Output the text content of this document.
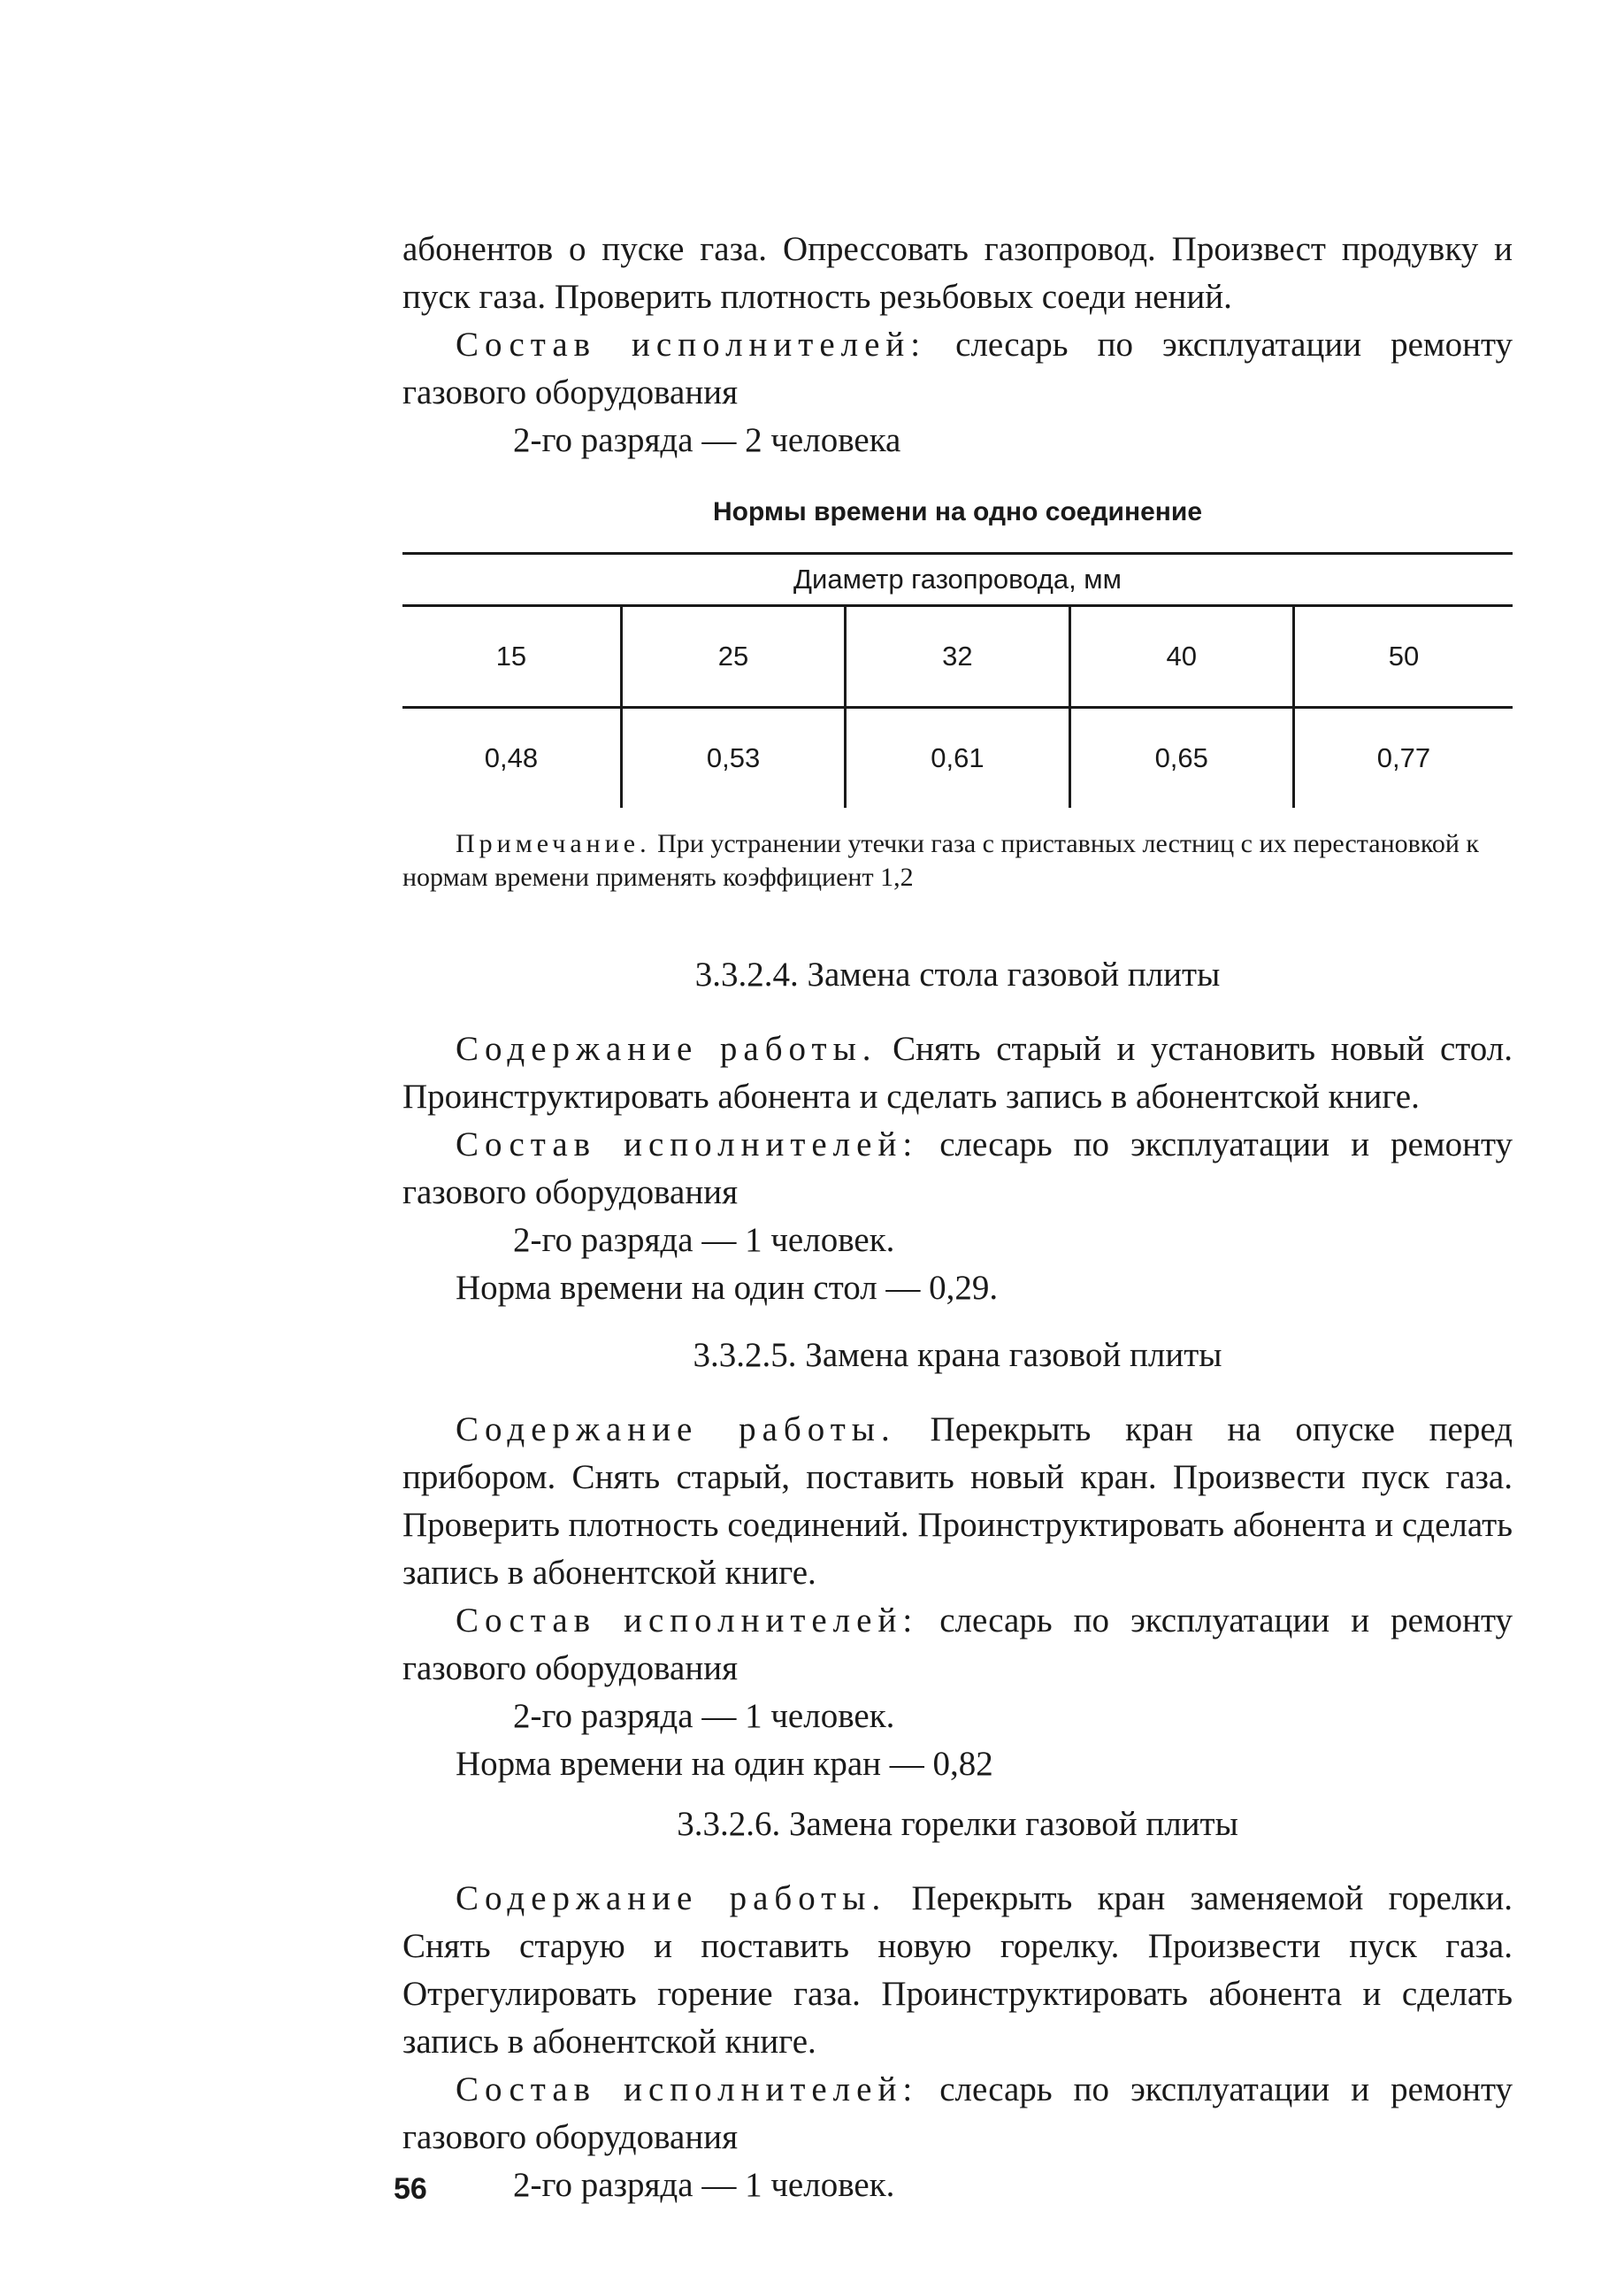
абонентов о пуске газа. Опрессовать газопровод. Произвест продувку и пуск газа. Проверить плотность резьбовых соеди нений.

Состав исполнителей: слесарь по эксплуатации ремонту газового оборудования

2-го разряда — 2 человека

Нормы времени на одно соединение
Диаметр газопровода, мм				
15	25	32	40	50
0,48	0,53	0,61	0,65	0,77

Примечание. При устранении утечки газа с приставных лестниц с их перестановкой к нормам времени применять коэффициент 1,2

3.3.2.4. Замена стола газовой плиты

Содержание работы. Снять старый и установить новый стол. Проинструктировать абонента и сделать запись в абонентской книге.

Состав исполнителей: слесарь по эксплуатации и ремонту газового оборудования

2-го разряда — 1 человек.

Норма времени на один стол — 0,29.

3.3.2.5. Замена крана газовой плиты

Содержание работы. Перекрыть кран на опуске перед прибором. Снять старый, поставить новый кран. Произвести пуск газа. Проверить плотность соединений. Проинструктировать абонента и сделать запись в абонентской книге.

Состав исполнителей: слесарь по эксплуатации и ремонту газового оборудования

2-го разряда — 1 человек.

Норма времени на один кран — 0,82

3.3.2.6. Замена горелки газовой плиты

Содержание работы. Перекрыть кран заменяемой горелки. Снять старую и поставить новую горелку. Произвести пуск газа. Отрегулировать горение газа. Проинструктировать абонента и сделать запись в абонентской книге.

Состав исполнителей: слесарь по эксплуатации и ремонту газового оборудования

2-го разряда — 1 человек.

56
